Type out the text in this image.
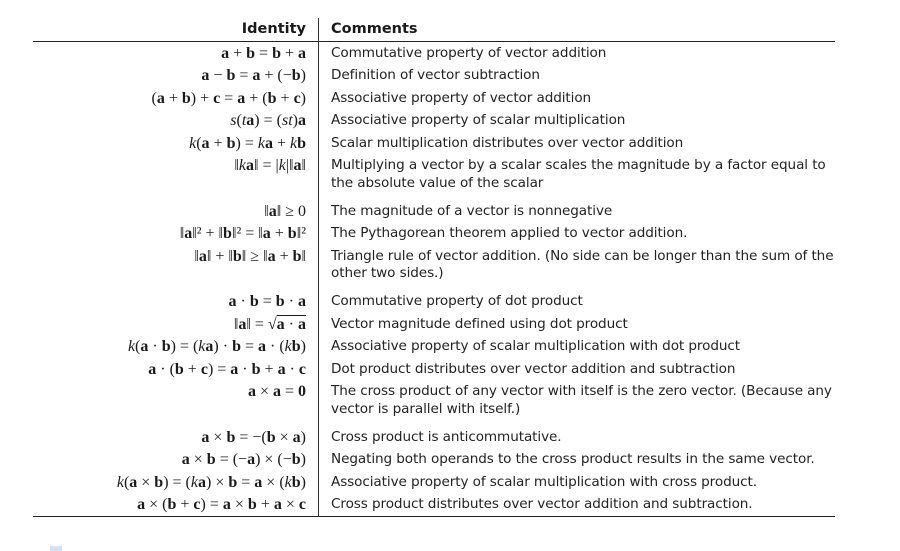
Identity	Comments
a + b = b + a	Commutative property of vector addition
a − b = a + (−b)	Definition of vector subtraction
(a + b) + c = a + (b + c)	Associative property of vector addition
s(ta) = (st)a	Associative property of scalar multiplication
k(a + b) = ka + kb	Scalar multiplication distributes over vector addition
‖ka‖ = |k|‖a‖	Multiplying a vector by a scalar scales the magnitude by a factor equal to the absolute value of the scalar
‖a‖ ≥ 0	The magnitude of a vector is nonnegative
‖a‖² + ‖b‖² = ‖a + b‖²	The Pythagorean theorem applied to vector addition.
‖a‖ + ‖b‖ ≥ ‖a + b‖	Triangle rule of vector addition. (No side can be longer than the sum of the other two sides.)
a · b = b · a	Commutative property of dot product
‖a‖ = √a · a	Vector magnitude defined using dot product
k(a · b) = (ka) · b = a · (kb)	Associative property of scalar multiplication with dot product
a · (b + c) = a · b + a · c	Dot product distributes over vector addition and subtraction
a × a = 0	The cross product of any vector with itself is the zero vector. (Because any vector is parallel with itself.)
a × b = −(b × a)	Cross product is anticommutative.
a × b = (−a) × (−b)	Negating both operands to the cross product results in the same vector.
k(a × b) = (ka) × b = a × (kb)	Associative property of scalar multiplication with cross product.
a × (b + c) = a × b + a × c	Cross product distributes over vector addition and subtraction.
